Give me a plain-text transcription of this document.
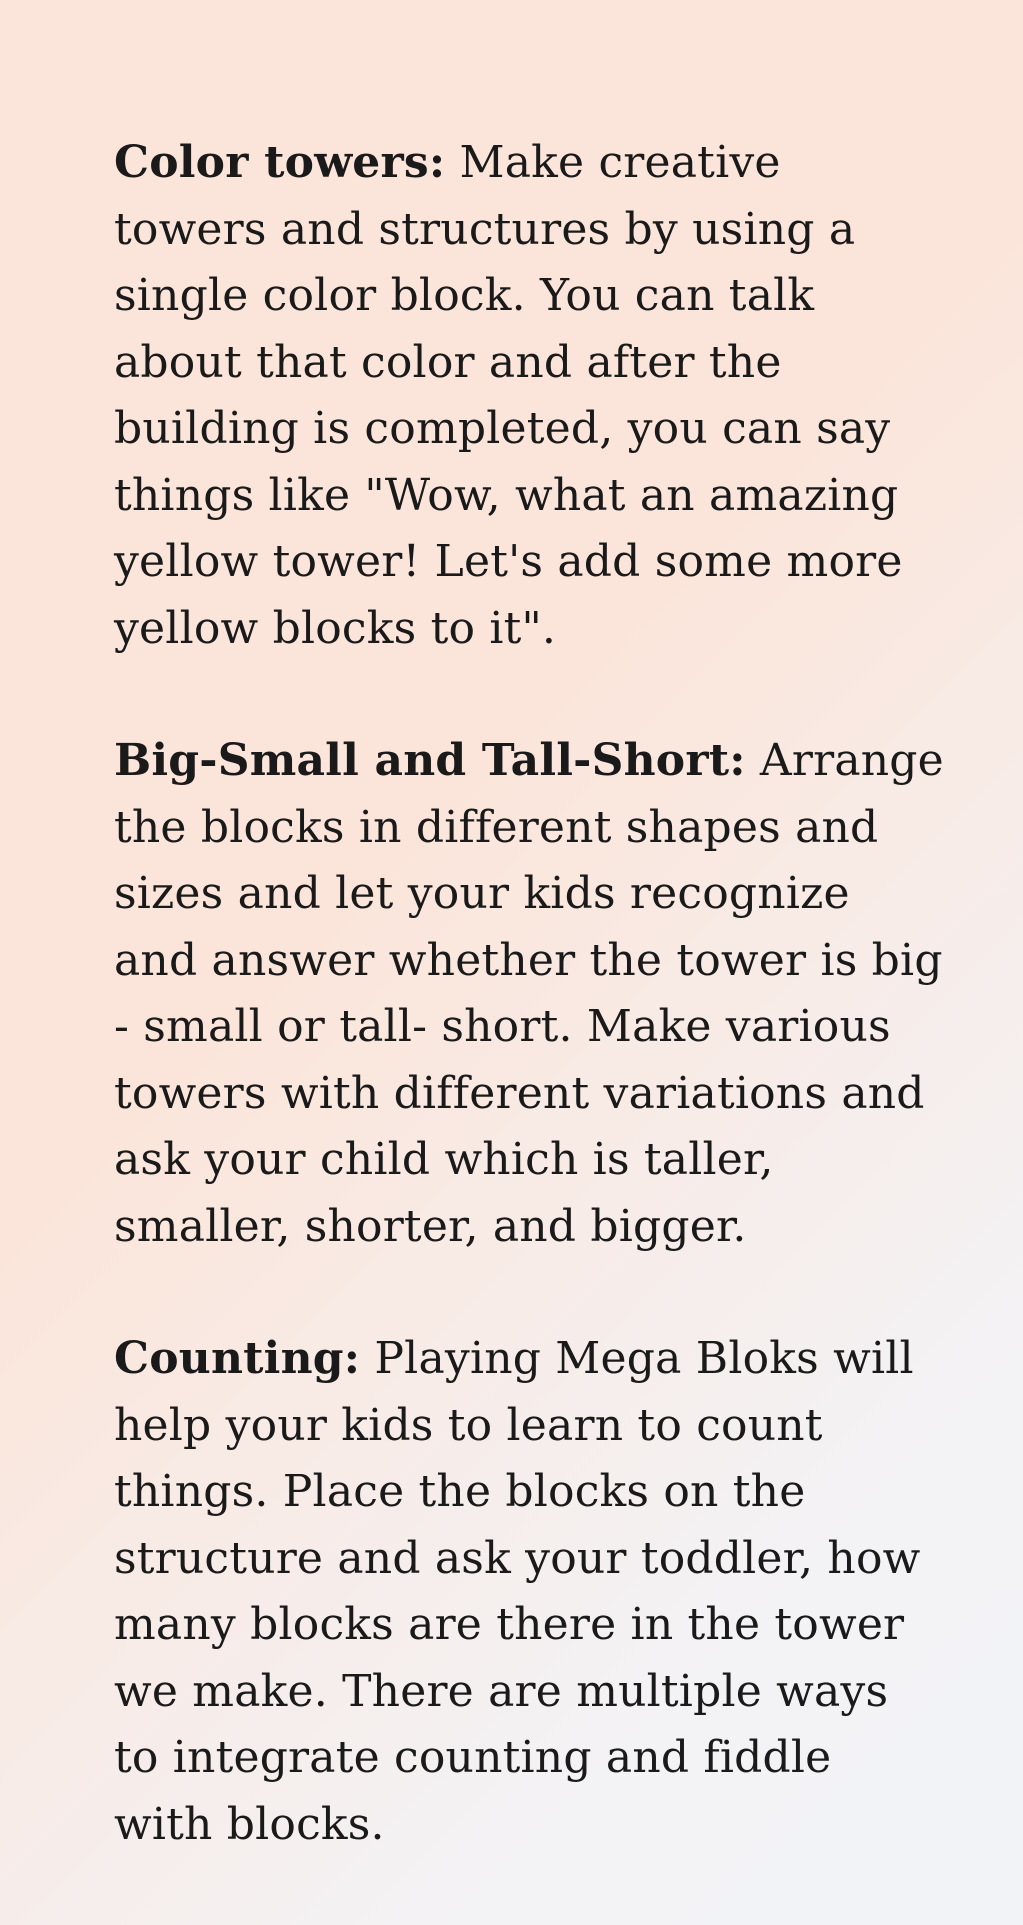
Color towers: Make creative towers and structures by using a single color block. You can talk about that color and after the building is completed, you can say things like "Wow, what an amazing yellow tower! Let's add some more yellow blocks to it".

Big-Small and Tall-Short: Arrange the blocks in different shapes and sizes and let your kids recognize and answer whether the tower is big - small or tall- short. Make various towers with different variations and ask your child which is taller, smaller, shorter, and bigger.

Counting: Playing Mega Bloks will help your kids to learn to count things. Place the blocks on the structure and ask your toddler, how many blocks are there in the tower we make. There are multiple ways to integrate counting and fiddle with blocks.
